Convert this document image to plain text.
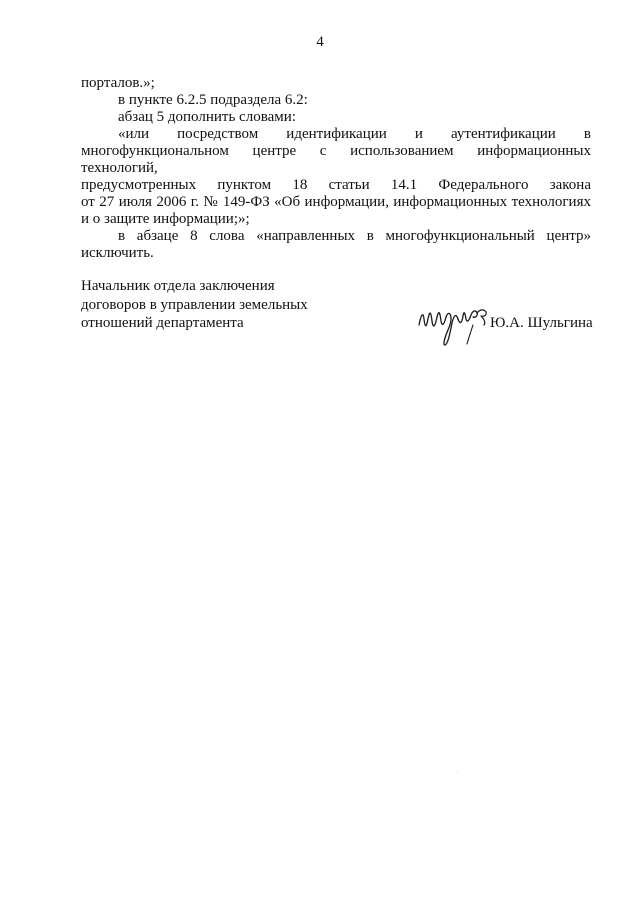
4

порталов.»;

в пункте 6.2.5 подраздела 6.2:

абзац 5 дополнить словами:

«или посредством идентификации и аутентификации в

многофункциональном центре с использованием информационных технологий,

предусмотренных пунктом 18 статьи 14.1 Федерального закона

от 27 июля 2006 г. № 149-ФЗ «Об информации, информационных технологиях

и о защите информации;»;

в абзаце 8 слова «направленных в многофункциональный центр»

исключить.

Начальник отдела заключения
договоров в управлении земельных
отношений департамента	Ю.А. Шульгина
